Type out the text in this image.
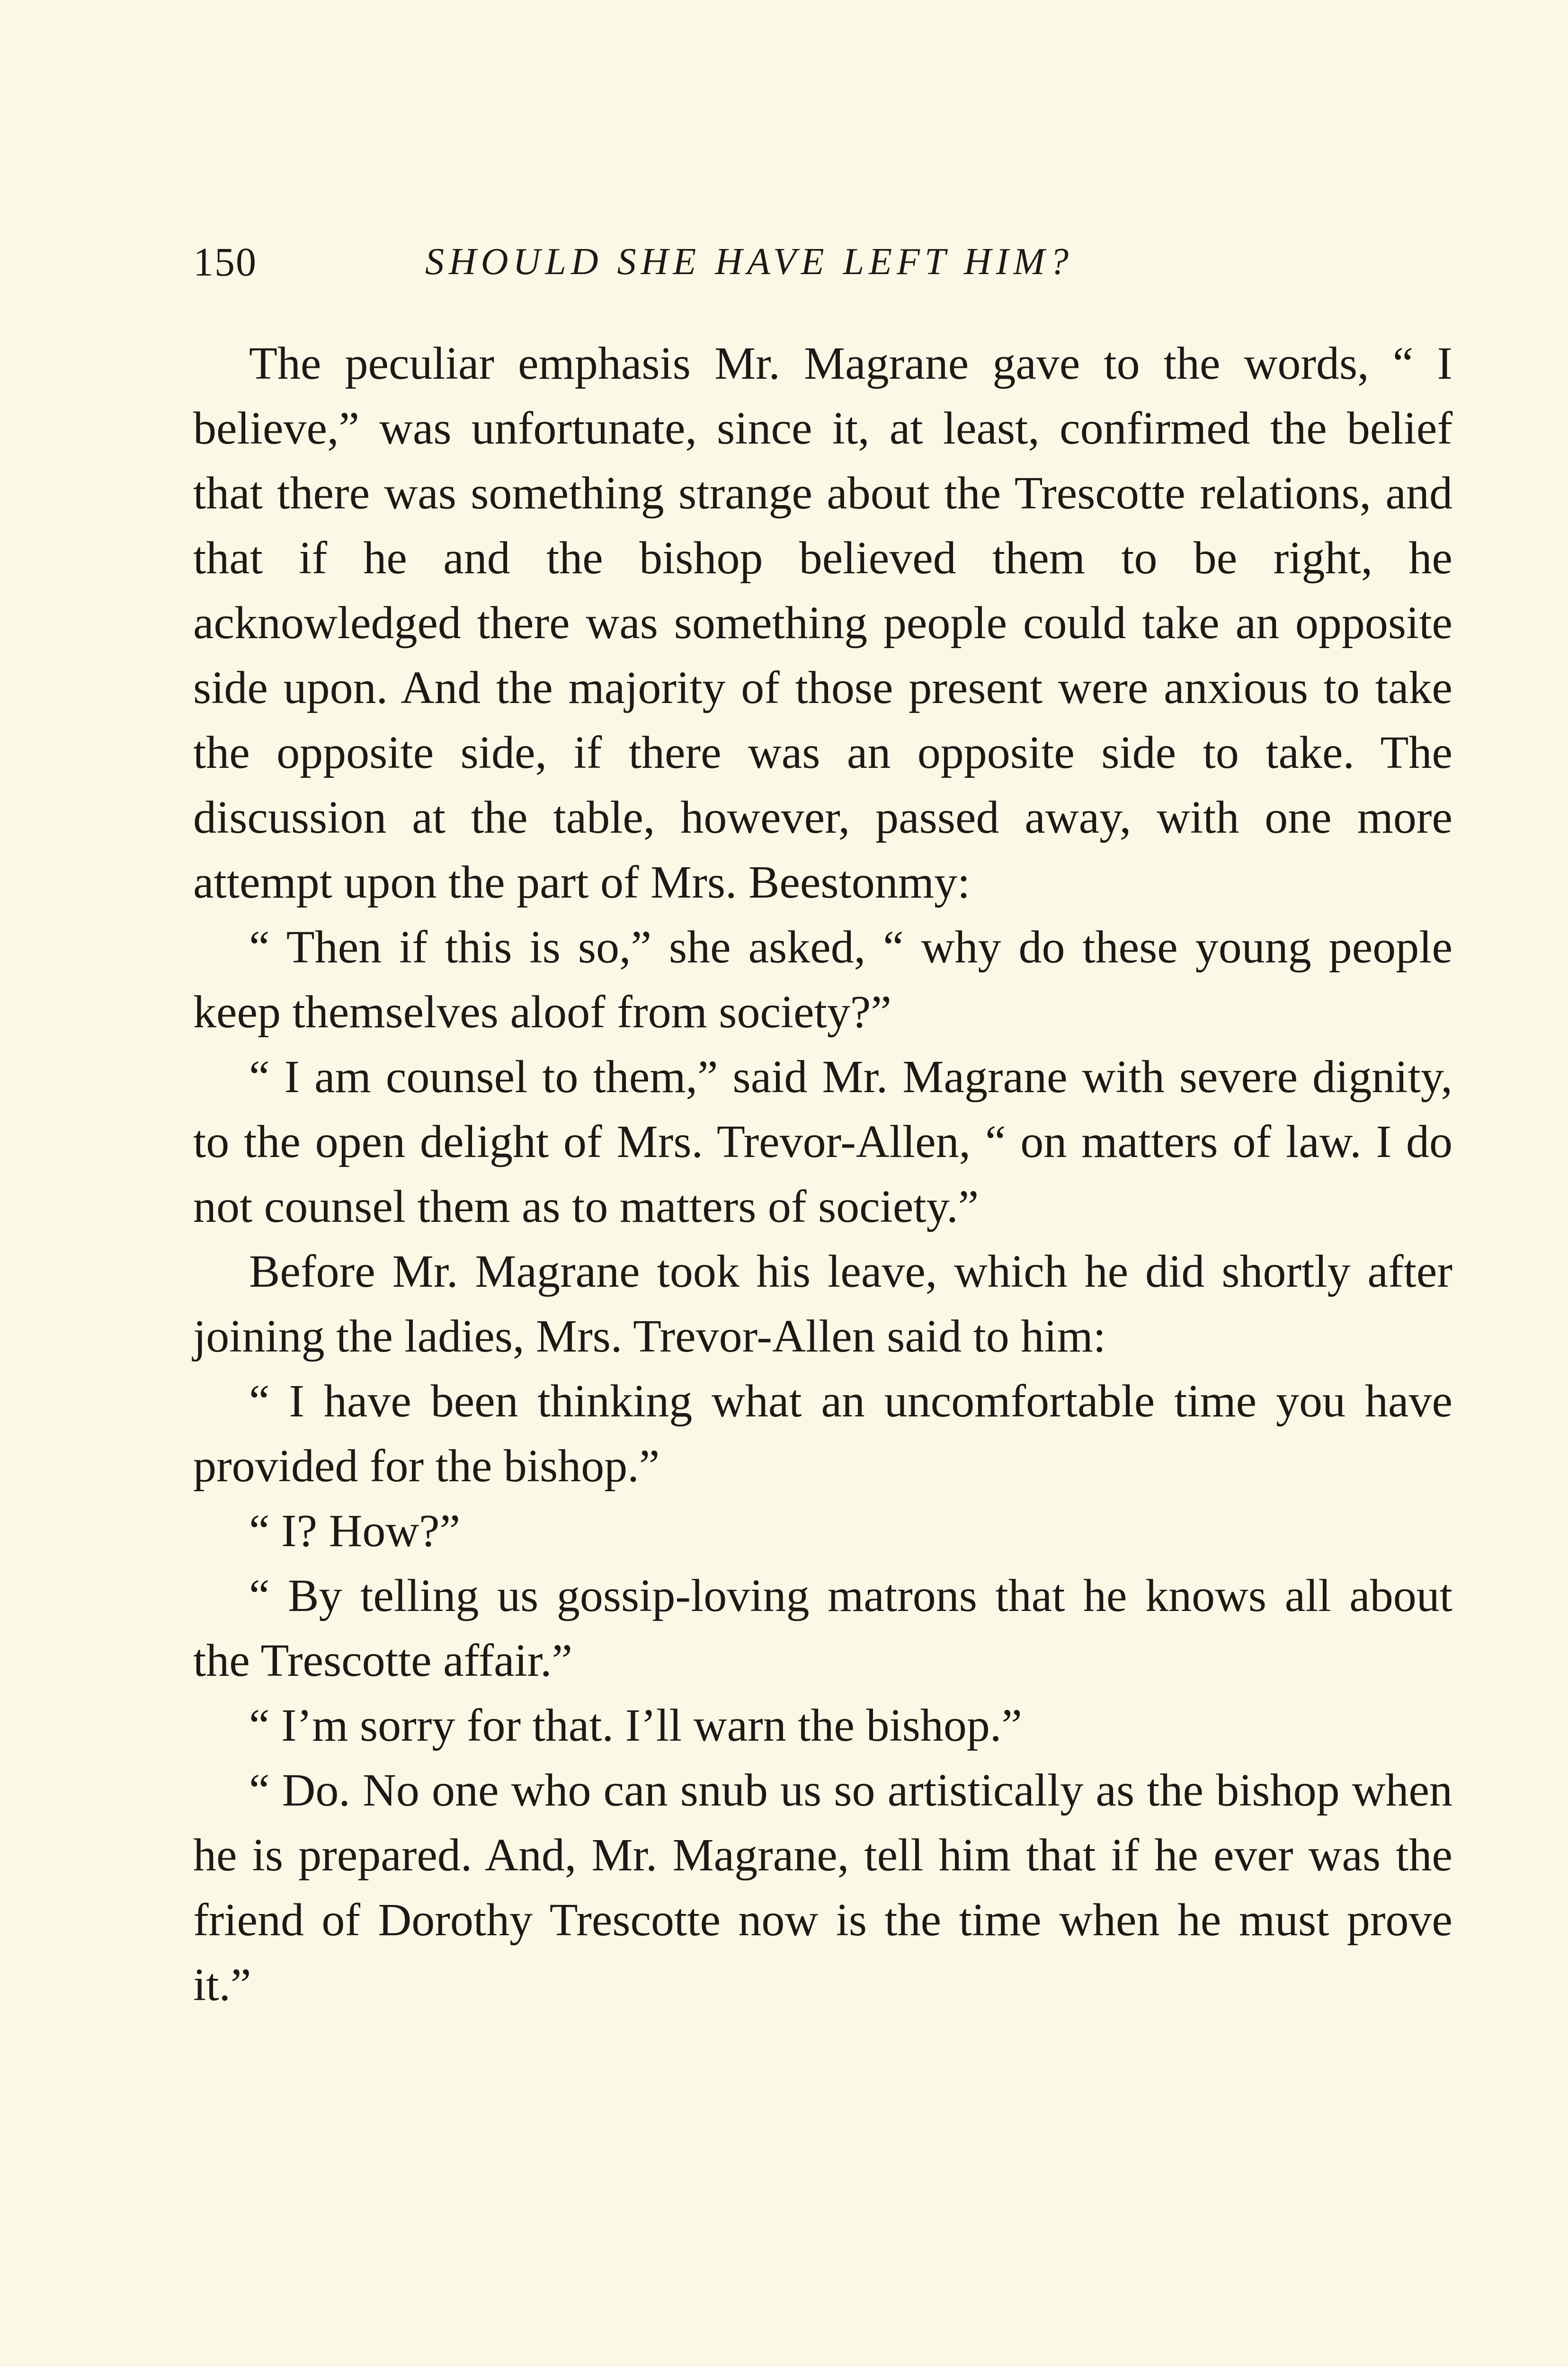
150	SHOULD SHE HAVE LEFT HIM?

The peculiar emphasis Mr. Magrane gave to the words, “ I believe,” was unfortunate, since it, at least, confirmed the belief that there was something strange about the Trescotte relations, and that if he and the bishop believed them to be right, he acknowledged there was something people could take an opposite side upon. And the majority of those present were anxious to take the opposite side, if there was an opposite side to take. The discussion at the table, however, passed away, with one more attempt upon the part of Mrs. Beestonmy:

“ Then if this is so,” she asked, “ why do these young people keep themselves aloof from society?”

“ I am counsel to them,” said Mr. Magrane with severe dignity, to the open delight of Mrs. Trevor-Allen, “ on matters of law. I do not counsel them as to matters of society.”

Before Mr. Magrane took his leave, which he did shortly after joining the ladies, Mrs. Trevor-Allen said to him:

“ I have been thinking what an uncomfortable time you have provided for the bishop.”

“ I? How?”

“ By telling us gossip-loving matrons that he knows all about the Trescotte affair.”

“ I’m sorry for that. I’ll warn the bishop.”

“ Do. No one who can snub us so artistically as the bishop when he is prepared. And, Mr. Magrane, tell him that if he ever was the friend of Dorothy Trescotte now is the time when he must prove it.”
